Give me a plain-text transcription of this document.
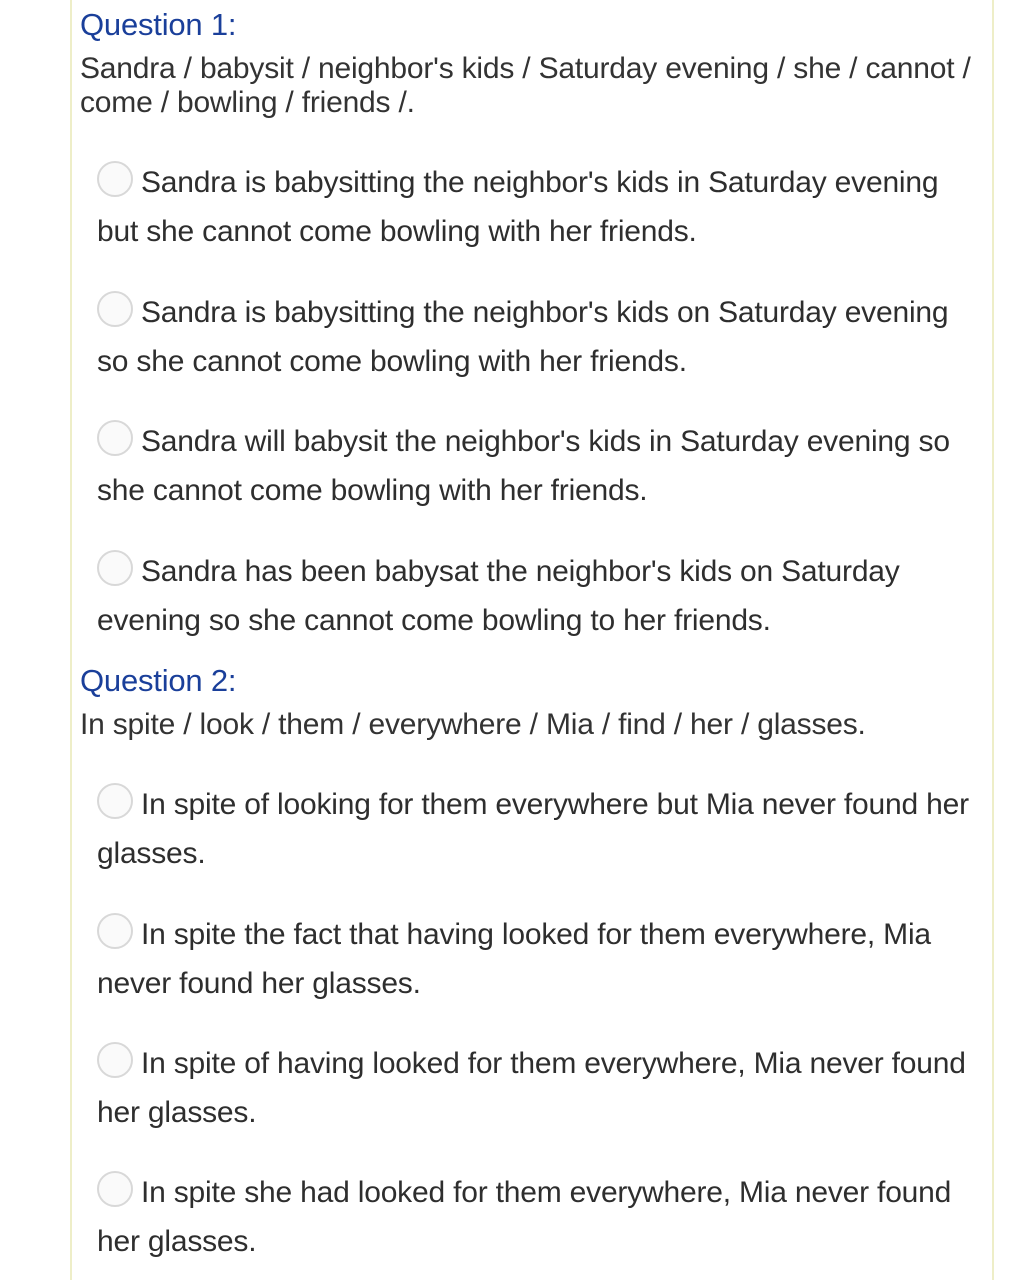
Question 1:

Sandra / babysit / neighbor's kids / Saturday evening / she / cannot / come / bowling / friends /.

Sandra is babysitting the neighbor's kids in Saturday evening but she cannot come bowling with her friends.
Sandra is babysitting the neighbor's kids on Saturday evening so she cannot come bowling with her friends.
Sandra will babysit the neighbor's kids in Saturday evening so she cannot come bowling with her friends.
Sandra has been babysat the neighbor's kids on Saturday evening so she cannot come bowling to her friends.
Question 2:

In spite / look / them / everywhere / Mia / find / her / glasses.

In spite of looking for them everywhere but Mia never found her glasses.
In spite the fact that having looked for them everywhere, Mia never found her glasses.
In spite of having looked for them everywhere, Mia never found her glasses.
In spite she had looked for them everywhere, Mia never found her glasses.
